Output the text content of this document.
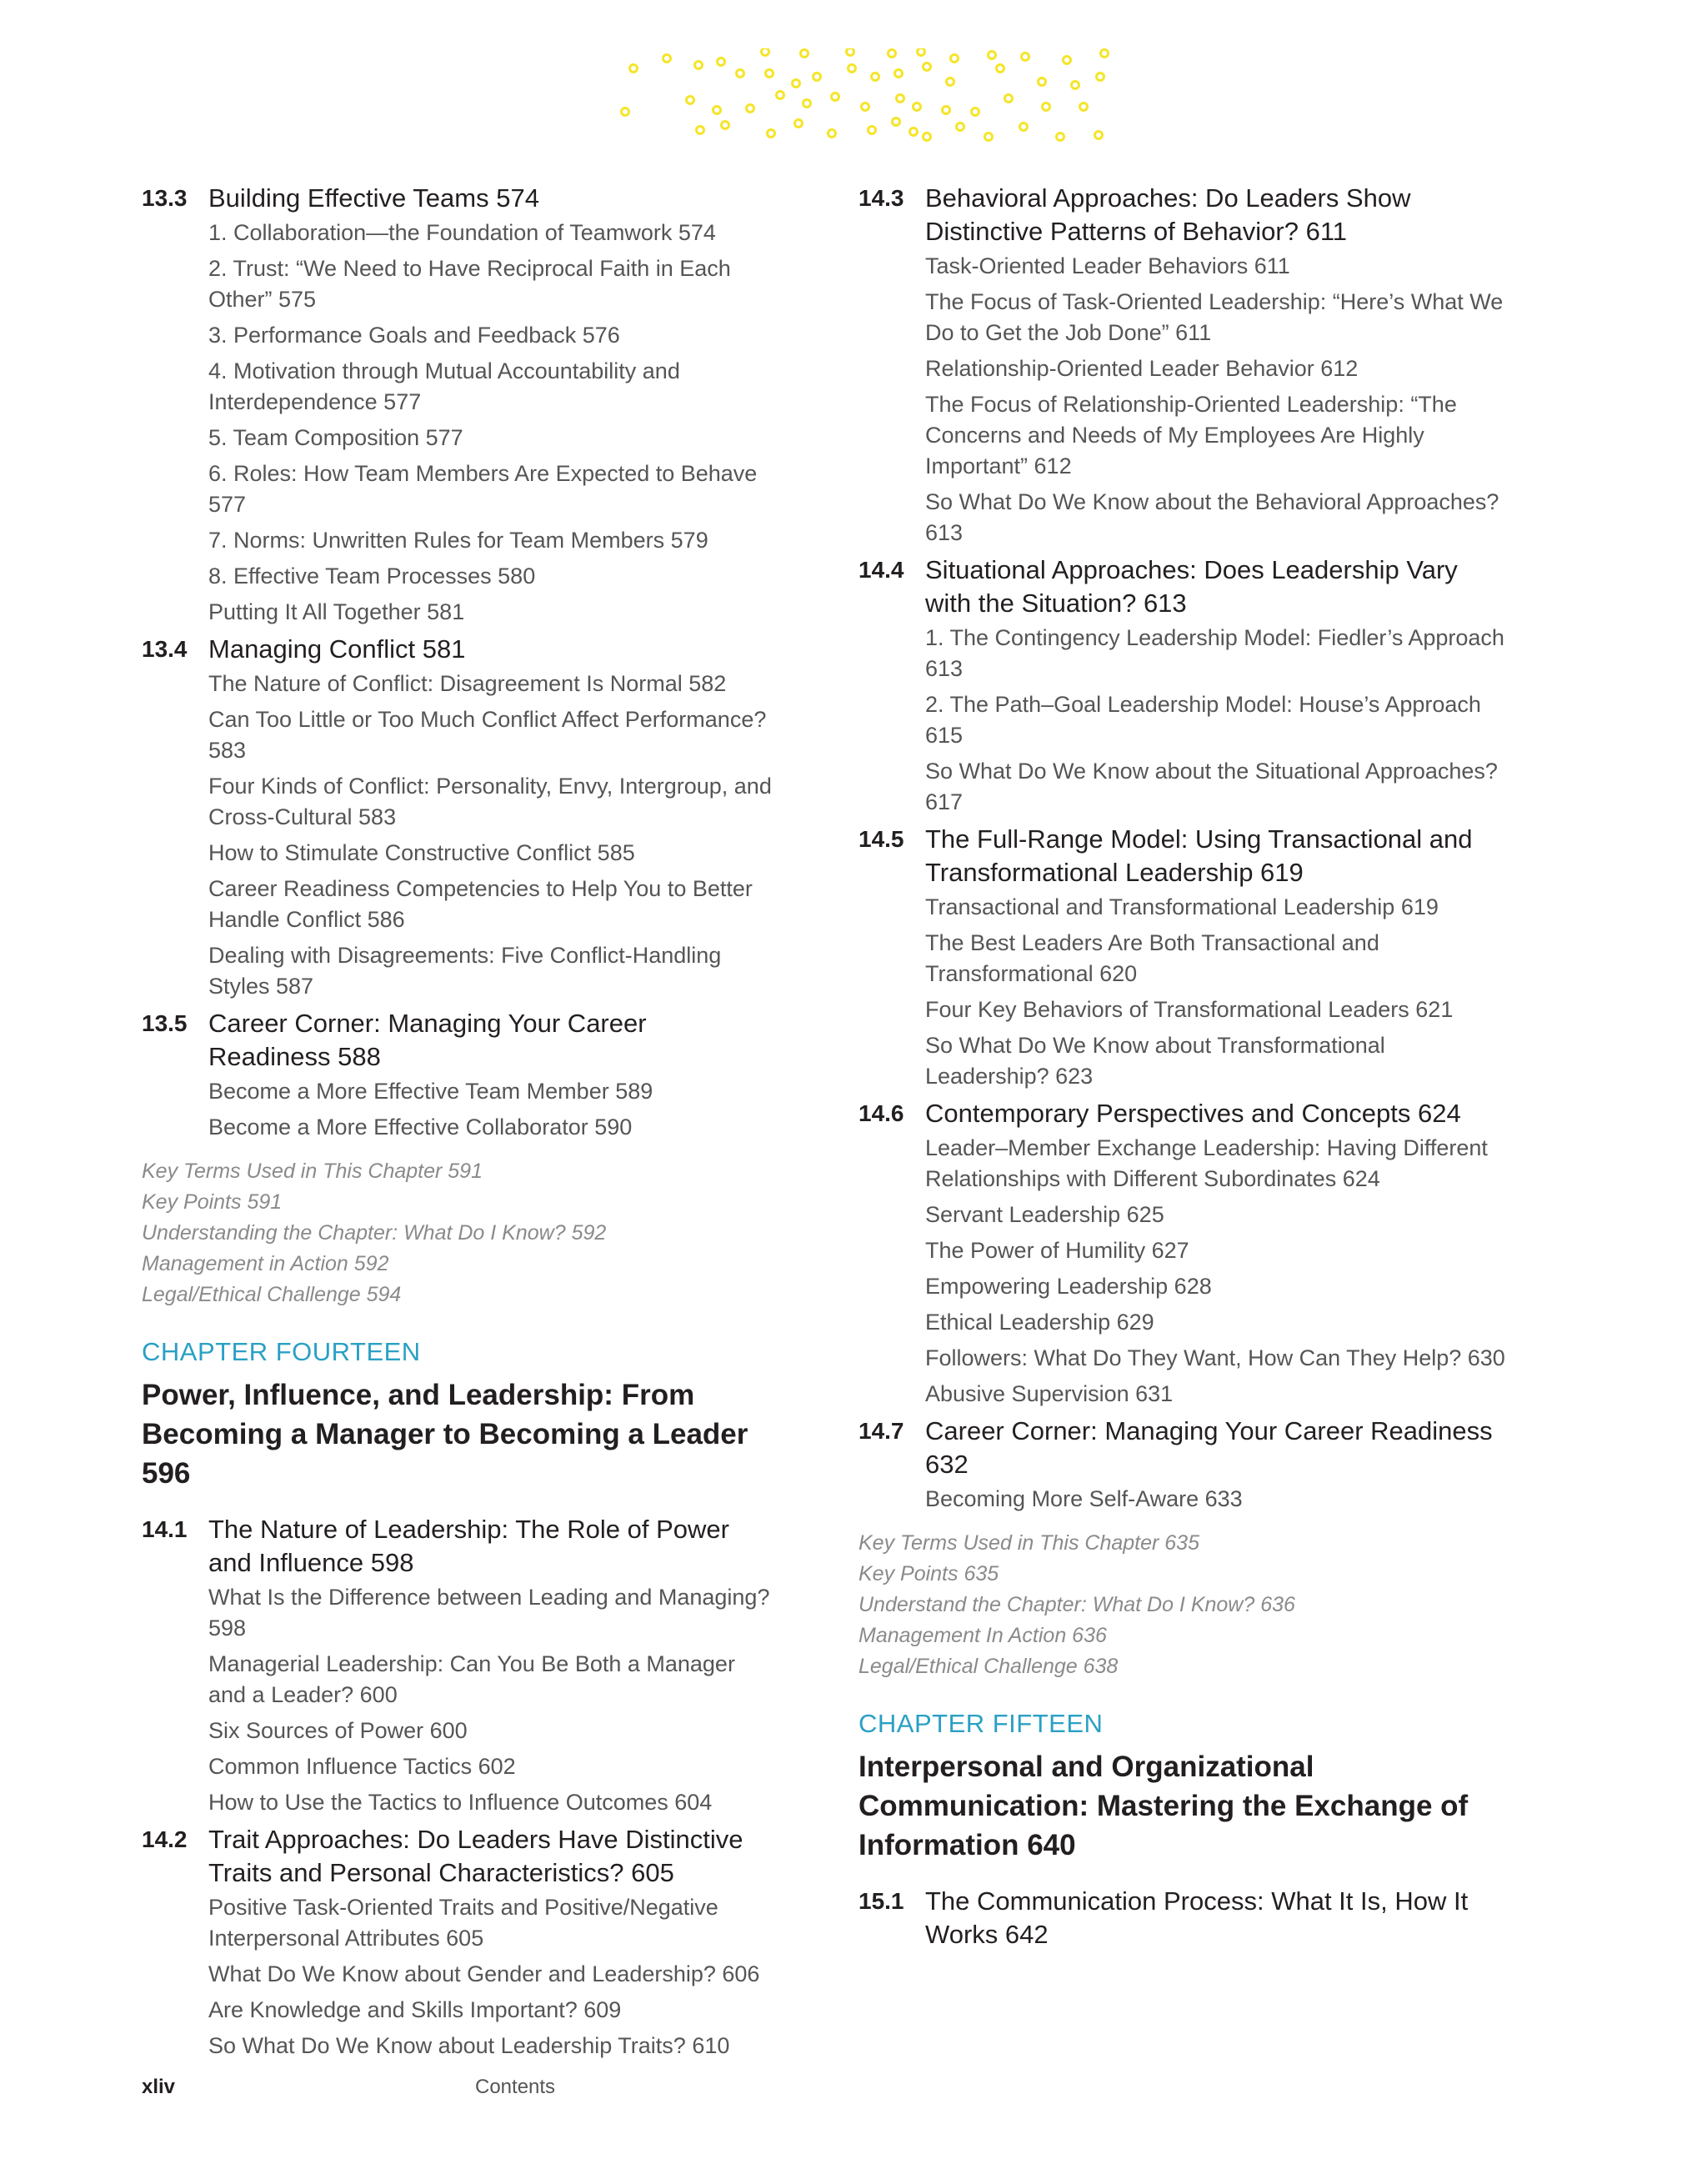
13.3 Building Effective Teams 574
1. Collaboration—the Foundation of Teamwork 574
2. Trust: “We Need to Have Reciprocal Faith in Each Other” 575
3. Performance Goals and Feedback 576
4. Motivation through Mutual Accountability and Interdependence 577
5. Team Composition 577
6. Roles: How Team Members Are Expected to Behave 577
7. Norms: Unwritten Rules for Team Members 579
8. Effective Team Processes 580
Putting It All Together 581
13.4 Managing Conflict 581
The Nature of Conflict: Disagreement Is Normal 582
Can Too Little or Too Much Conflict Affect Performance? 583
Four Kinds of Conflict: Personality, Envy, Intergroup, and Cross-Cultural 583
How to Stimulate Constructive Conflict 585
Career Readiness Competencies to Help You to Better Handle Conflict 586
Dealing with Disagreements: Five Conflict-Handling Styles 587
13.5 Career Corner: Managing Your Career Readiness 588
Become a More Effective Team Member 589
Become a More Effective Collaborator 590
Key Terms Used in This Chapter 591
Key Points 591
Understanding the Chapter: What Do I Know? 592
Management in Action 592
Legal/Ethical Challenge 594
CHAPTER FOURTEEN
Power, Influence, and Leadership: From Becoming a Manager to Becoming a Leader 596
14.1 The Nature of Leadership: The Role of Power and Influence 598
What Is the Difference between Leading and Managing? 598
Managerial Leadership: Can You Be Both a Manager and a Leader? 600
Six Sources of Power 600
Common Influence Tactics 602
How to Use the Tactics to Influence Outcomes 604
14.2 Trait Approaches: Do Leaders Have Distinctive Traits and Personal Characteristics? 605
Positive Task-Oriented Traits and Positive/Negative Interpersonal Attributes 605
What Do We Know about Gender and Leadership? 606
Are Knowledge and Skills Important? 609
So What Do We Know about Leadership Traits? 610
14.3 Behavioral Approaches: Do Leaders Show Distinctive Patterns of Behavior? 611
Task-Oriented Leader Behaviors 611
The Focus of Task-Oriented Leadership: “Here’s What We Do to Get the Job Done” 611
Relationship-Oriented Leader Behavior 612
The Focus of Relationship-Oriented Leadership: “The Concerns and Needs of My Employees Are Highly Important” 612
So What Do We Know about the Behavioral Approaches? 613
14.4 Situational Approaches: Does Leadership Vary with the Situation? 613
1. The Contingency Leadership Model: Fiedler’s Approach 613
2. The Path–Goal Leadership Model: House’s Approach 615
So What Do We Know about the Situational Approaches? 617
14.5 The Full-Range Model: Using Transactional and Transformational Leadership 619
Transactional and Transformational Leadership 619
The Best Leaders Are Both Transactional and Transformational 620
Four Key Behaviors of Transformational Leaders 621
So What Do We Know about Transformational Leadership? 623
14.6 Contemporary Perspectives and Concepts 624
Leader–Member Exchange Leadership: Having Different Relationships with Different Subordinates 624
Servant Leadership 625
The Power of Humility 627
Empowering Leadership 628
Ethical Leadership 629
Followers: What Do They Want, How Can They Help? 630
Abusive Supervision 631
14.7 Career Corner: Managing Your Career Readiness 632
Becoming More Self-Aware 633
Key Terms Used in This Chapter 635
Key Points 635
Understand the Chapter: What Do I Know? 636
Management In Action 636
Legal/Ethical Challenge 638
CHAPTER FIFTEEN
Interpersonal and Organizational Communication: Mastering the Exchange of Information 640
15.1 The Communication Process: What It Is, How It Works 642
xliv	Contents
